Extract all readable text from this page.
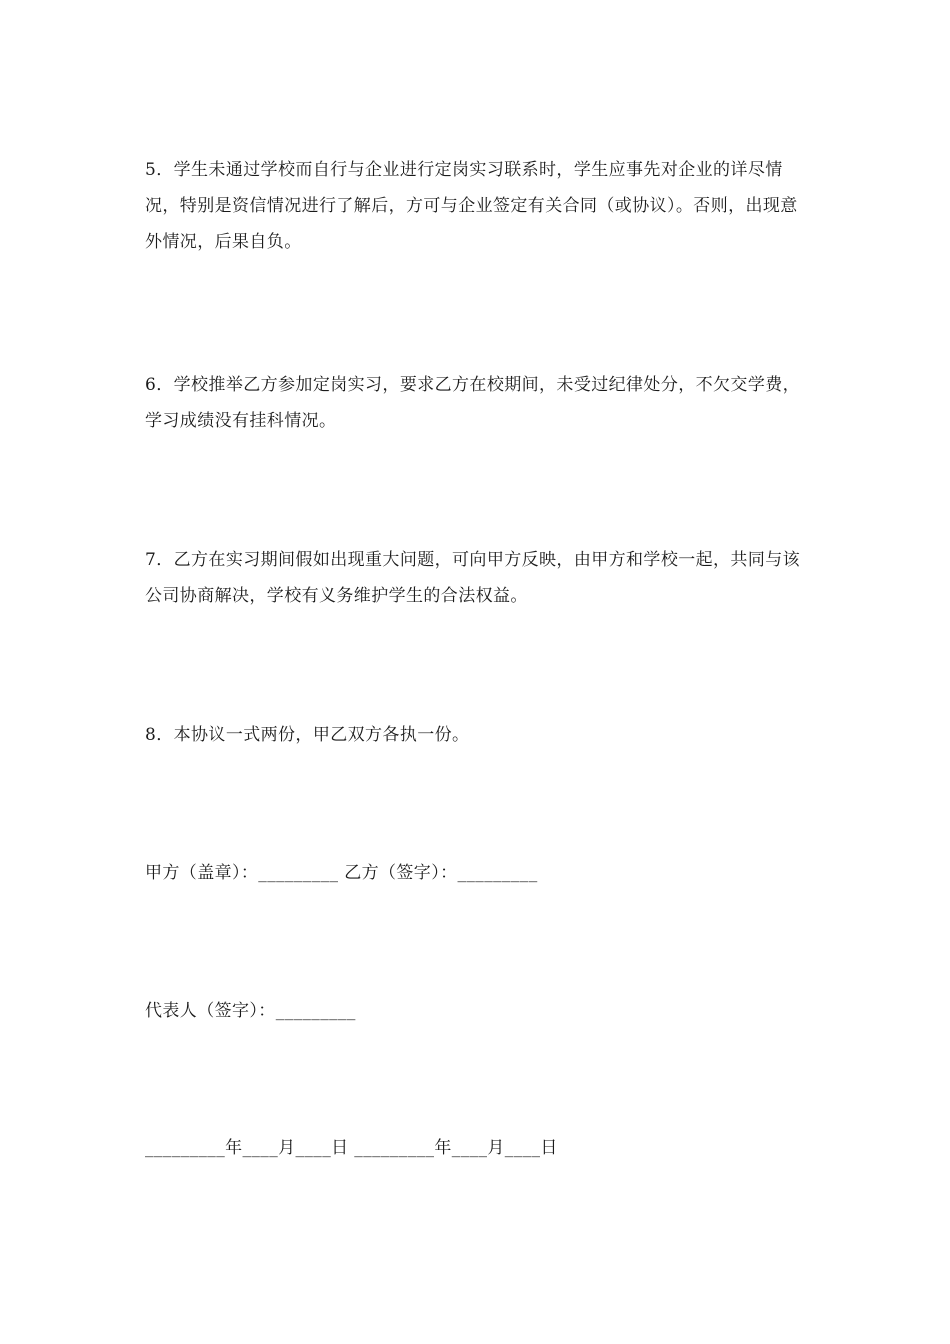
5．学生未通过学校而自行与企业进行定岗实习联系时，学生应事先对企业的详尽情况，特别是资信情况进行了解后，方可与企业签定有关合同（或协议）。否则，出现意外情况，后果自负。

6．学校推举乙方参加定岗实习，要求乙方在校期间，未受过纪律处分，不欠交学费，学习成绩没有挂科情况。

7．乙方在实习期间假如出现重大问题，可向甲方反映，由甲方和学校一起，共同与该公司协商解决，学校有义务维护学生的合法权益。

8．本协议一式两份，甲乙双方各执一份。

甲方（盖章）：_________ 乙方（签字）：_________
代表人（签字）：_________
_________年____月____日 _________年____月____日
